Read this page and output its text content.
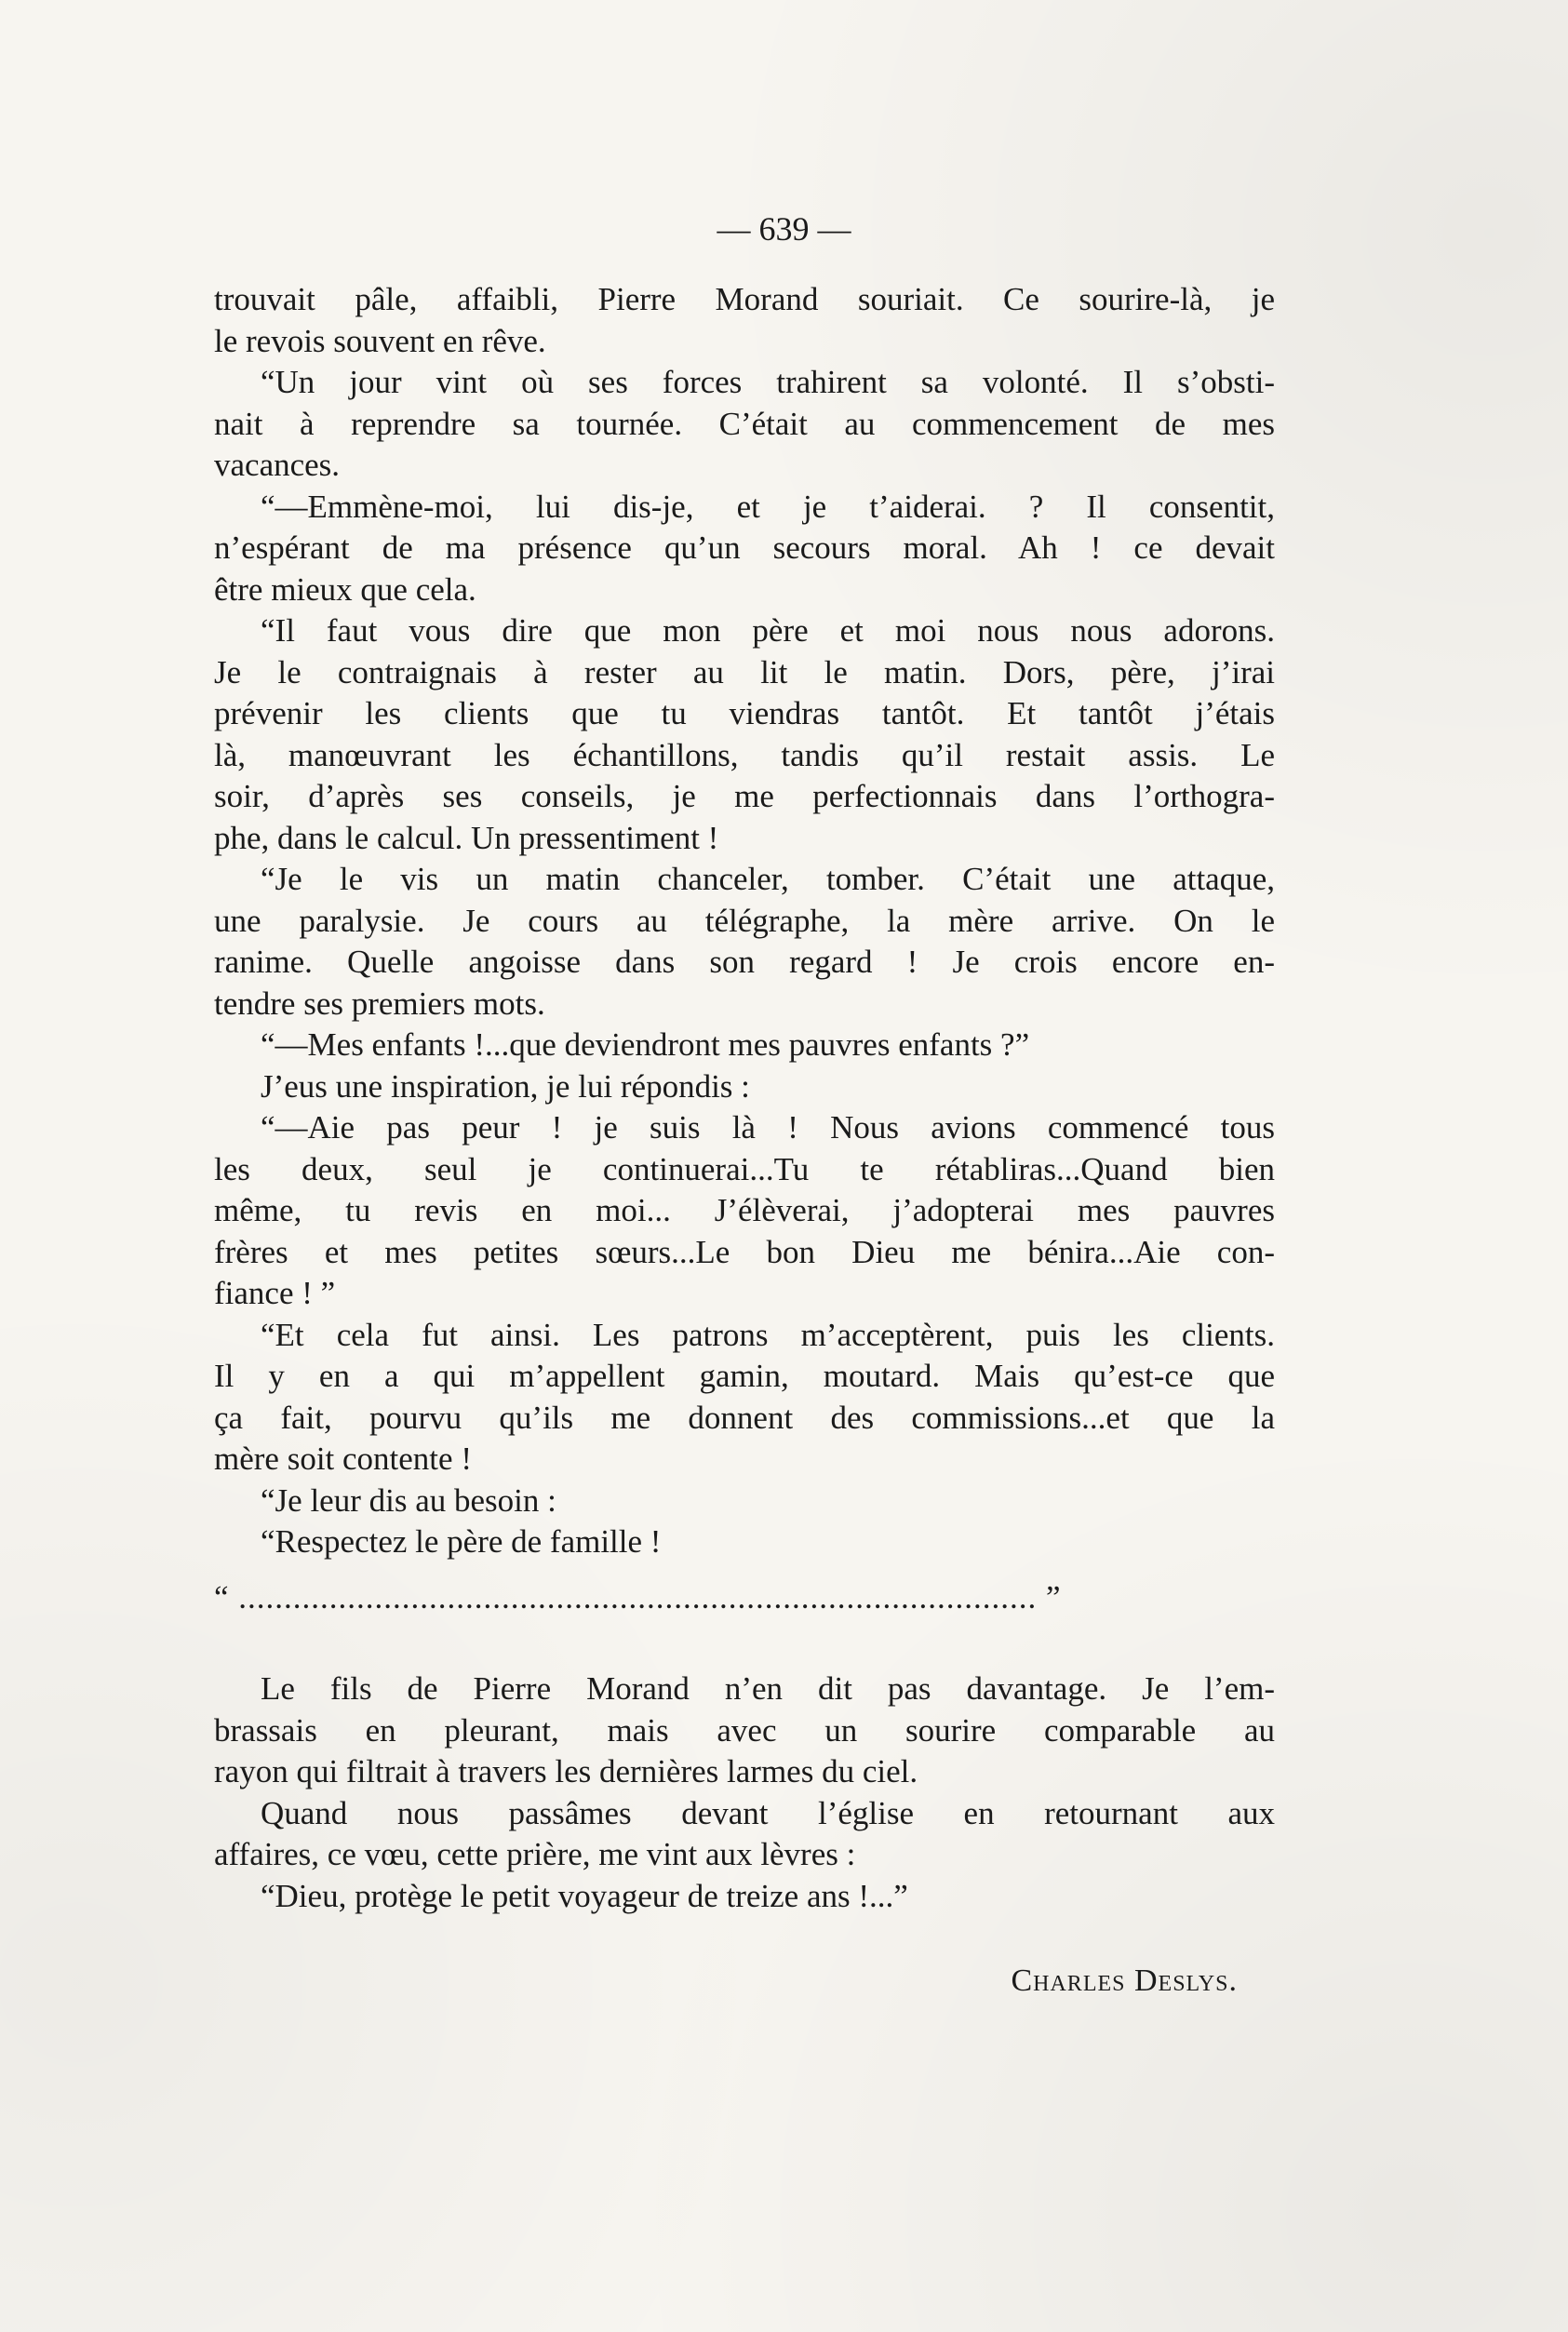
— 639 —
trouvait pâle, affaibli, Pierre Morand souriait. Ce sourire-là, je
le revois souvent en rêve.
“Un jour vint où ses forces trahirent sa volonté. Il s’obsti-
nait à reprendre sa tournée. C’était au commencement de mes
vacances.
“—Emmène-moi, lui dis-je, et je t’aiderai. ? Il consentit,
n’espérant de ma présence qu’un secours moral. Ah ! ce devait
être mieux que cela.
“Il faut vous dire que mon père et moi nous nous adorons.
Je le contraignais à rester au lit le matin. Dors, père, j’irai
prévenir les clients que tu viendras tantôt. Et tantôt j’étais
là, manœuvrant les échantillons, tandis qu’il restait assis. Le
soir, d’après ses conseils, je me perfectionnais dans l’orthogra-
phe, dans le calcul. Un pressentiment !
“Je le vis un matin chanceler, tomber. C’était une attaque,
une paralysie. Je cours au télégraphe, la mère arrive. On le
ranime. Quelle angoisse dans son regard ! Je crois encore en-
tendre ses premiers mots.
“—Mes enfants !...que deviendront mes pauvres enfants ?”
J’eus une inspiration, je lui répondis :
“—Aie pas peur ! je suis là ! Nous avions commencé tous
les deux, seul je continuerai...Tu te rétabliras...Quand bien
même, tu revis en moi... J’élèverai, j’adopterai mes pauvres
frères et mes petites sœurs...Le bon Dieu me bénira...Aie con-
fiance ! ”
“Et cela fut ainsi. Les patrons m’acceptèrent, puis les clients.
Il y en a qui m’appellent gamin, moutard. Mais qu’est-ce que
ça fait, pourvu qu’ils me donnent des commissions...et que la
mère soit contente !
“Je leur dis au besoin :
“Respectez le père de famille !
“ ........................................................................................ ”
Le fils de Pierre Morand n’en dit pas davantage. Je l’em-
brassais en pleurant, mais avec un sourire comparable au
rayon qui filtrait à travers les dernières larmes du ciel.
Quand nous passâmes devant l’église en retournant aux
affaires, ce vœu, cette prière, me vint aux lèvres :
“Dieu, protège le petit voyageur de treize ans !...”
Charles Deslys.
